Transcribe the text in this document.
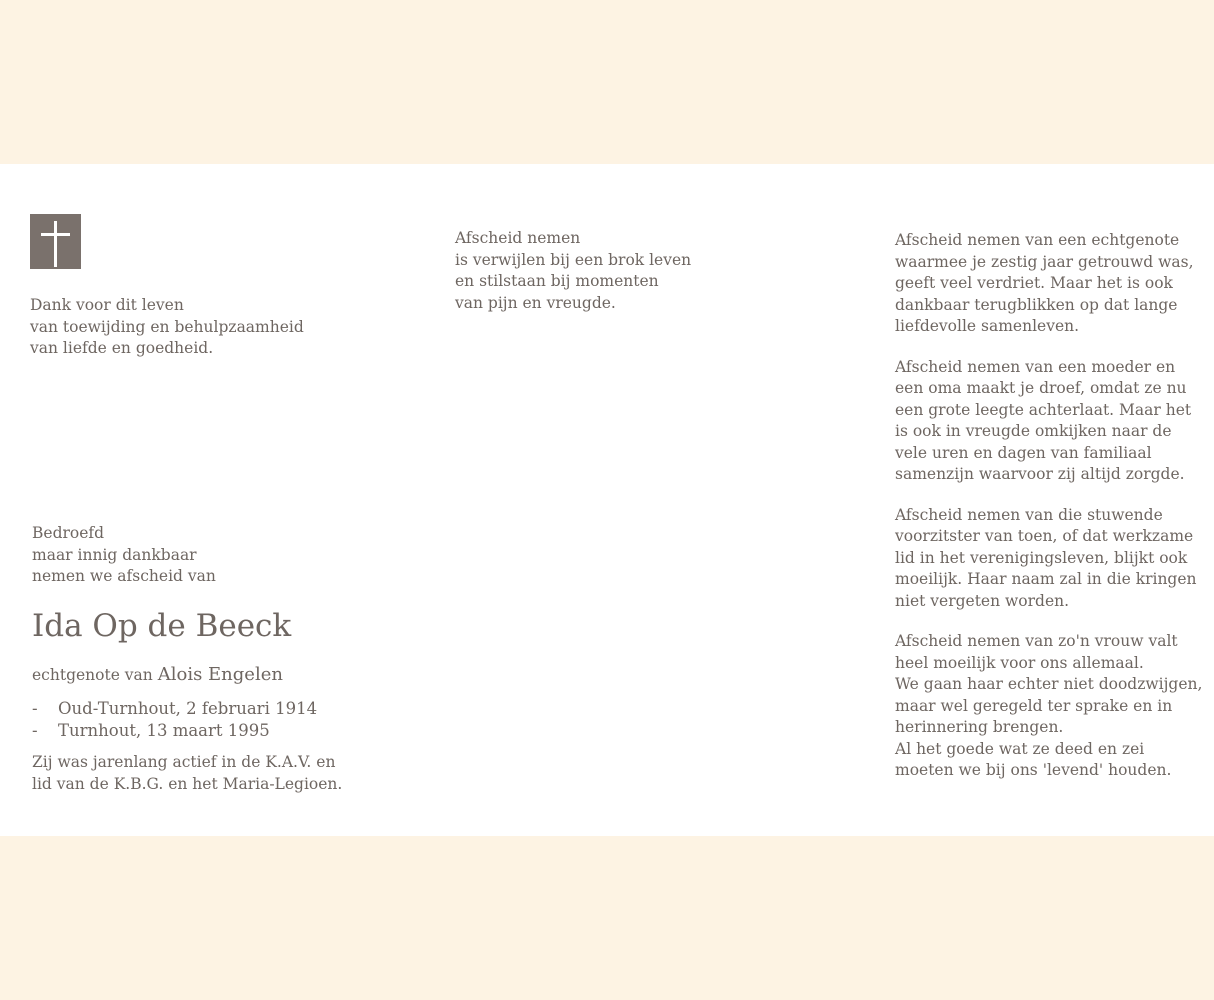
Dank voor dit leven
van toewijding en behulpzaamheid
van liefde en goedheid.
Bedroefd
maar innig dankbaar
nemen we afscheid van
Ida Op de Beeck
echtgenote van Alois Engelen
- Oud-Turnhout, 2 februari 1914
- Turnhout, 13 maart 1995
Zij was jarenlang actief in de K.A.V. en
lid van de K.B.G. en het Maria-Legioen.
Afscheid nemen
is verwijlen bij een brok leven
en stilstaan bij momenten
van pijn en vreugde.
Afscheid nemen van een echtgenote
waarmee je zestig jaar getrouwd was,
geeft veel verdriet. Maar het is ook
dankbaar terugblikken op dat lange
liefdevolle samenleven.
Afscheid nemen van een moeder en
een oma maakt je droef, omdat ze nu
een grote leegte achterlaat. Maar het
is ook in vreugde omkijken naar de
vele uren en dagen van familiaal
samenzijn waarvoor zij altijd zorgde.
Afscheid nemen van die stuwende
voorzitster van toen, of dat werkzame
lid in het verenigingsleven, blijkt ook
moeilijk. Haar naam zal in die kringen
niet vergeten worden.
Afscheid nemen van zo'n vrouw valt
heel moeilijk voor ons allemaal.
We gaan haar echter niet doodzwijgen,
maar wel geregeld ter sprake en in
herinnering brengen.
Al het goede wat ze deed en zei
moeten we bij ons 'levend' houden.
